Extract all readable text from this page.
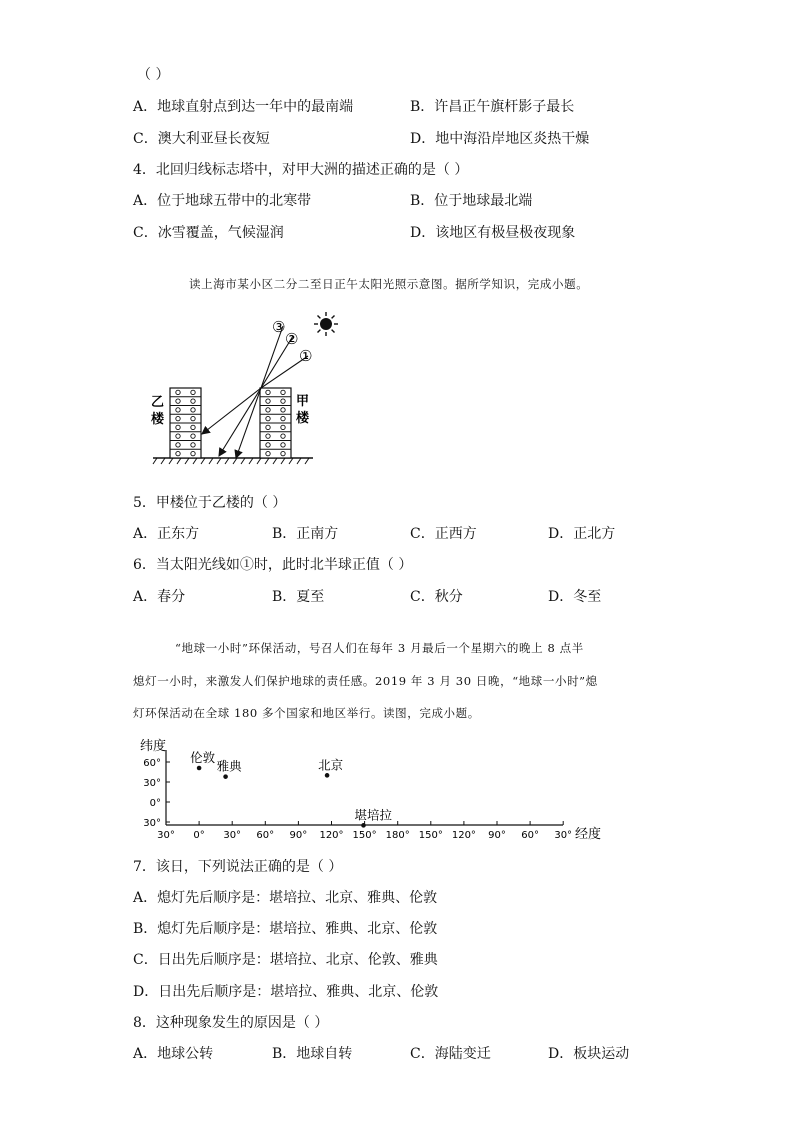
（ ）
A．地球直射点到达一年中的最南端	B．许昌正午旗杆影子最长
C．澳大利亚昼长夜短	D．地中海沿岸地区炎热干燥
4．北回归线标志塔中，对甲大洲的描述正确的是（ ）
A．位于地球五带中的北寒带	B．位于地球最北端
C．冰雪覆盖，气候湿润	D．该地区有极昼极夜现象
读上海市某小区二分二至日正午太阳光照示意图。据所学知识，完成小题。
③
②
①
乙
楼
甲
楼
5．甲楼位于乙楼的（ ）
A．正东方	B．正南方	C．正西方	D．正北方
6．当太阳光线如①时，此时北半球正值（ ）
A．春分	B．夏至	C．秋分	D．冬至
“地球一小时”环保活动，号召人们在每年 3 月最后一个星期六的晚上 8 点半
熄灯一小时，来激发人们保护地球的责任感。2019 年 3 月 30 日晚，“地球一小时”熄
灯环保活动在全球 180 多个国家和地区举行。读图，完成小题。
纬度
经度
60°
30°
0°
30°
30° 0° 30° 60° 90° 120° 150° 180° 150° 120° 90° 60° 30°
伦敦
雅典	北京
堪培拉
7．该日，下列说法正确的是（ ）
A．熄灯先后顺序是：堪培拉、北京、雅典、伦敦
B．熄灯先后顺序是：堪培拉、雅典、北京、伦敦
C．日出先后顺序是：堪培拉、北京、伦敦、雅典
D．日出先后顺序是：堪培拉、雅典、北京、伦敦
8．这种现象发生的原因是（ ）
A．地球公转	B．地球自转	C．海陆变迁	D．板块运动
